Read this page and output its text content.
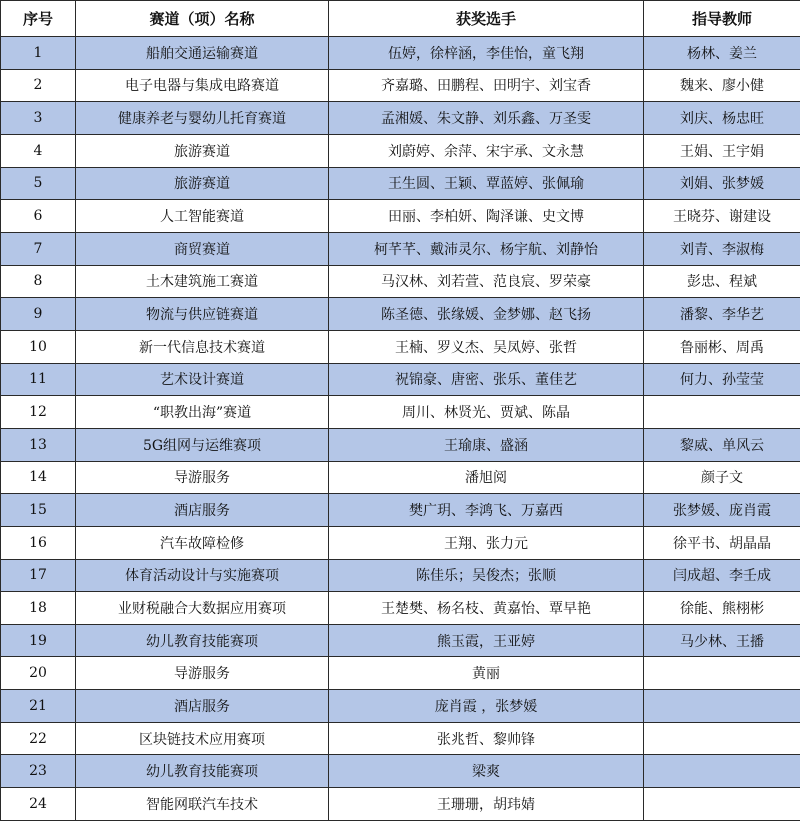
序号	赛道（项）名称	获奖选手	指导教师
1	船舶交通运输赛道	伍婷，徐梓涵，李佳怡，童飞翔	杨林、姜兰
2	电子电器与集成电路赛道	齐嘉璐、田鹏程、田明宇、刘宝香	魏来、廖小健
3	健康养老与婴幼儿托育赛道	孟湘媛、朱文静、刘乐鑫、万圣雯	刘庆、杨忠旺
4	旅游赛道	刘蔚婷、余萍、宋宇承、文永慧	王娟、王宇娟
5	旅游赛道	王生圆、王颖、覃蓝婷、张佩瑜	刘娟、张梦媛
6	人工智能赛道	田丽、李柏妍、陶泽谦、史文博	王晓芬、谢建设
7	商贸赛道	柯芊芊、戴沛灵尔、杨宇航、刘静怡	刘青、李淑梅
8	土木建筑施工赛道	马汉林、刘若萱、范良宸、罗荣豪	彭忠、程斌
9	物流与供应链赛道	陈圣德、张缘媛、金梦娜、赵飞扬	潘黎、李华艺
10	新一代信息技术赛道	王楠、罗义杰、吴凤婷、张哲	鲁丽彬、周禹
11	艺术设计赛道	祝锦豪、唐密、张乐、董佳艺	何力、孙莹莹
12	“职教出海”赛道	周川、林贤光、贾斌、陈晶	
13	5G组网与运维赛项	王瑜康、盛涵	黎威、单风云
14	导游服务	潘旭阅	颜子文
15	酒店服务	樊广玥、李鸿飞、万嘉西	张梦媛、庞肖霞
16	汽车故障检修	王翔、张力元	徐平书、胡晶晶
17	体育活动设计与实施赛项	陈佳乐；吴俊杰；张顺	闫成超、李壬成
18	业财税融合大数据应用赛项	王楚樊、杨名枝、黄嘉怡、覃早艳	徐能、熊栩彬
19	幼儿教育技能赛项	熊玉霞，王亚婷	马少林、王播
20	导游服务	黄丽	
21	酒店服务	庞肖霞 ，张梦媛	
22	区块链技术应用赛项	张兆哲、黎帅锋	
23	幼儿教育技能赛项	梁爽	
24	智能网联汽车技术	王珊珊，胡玮婧	
